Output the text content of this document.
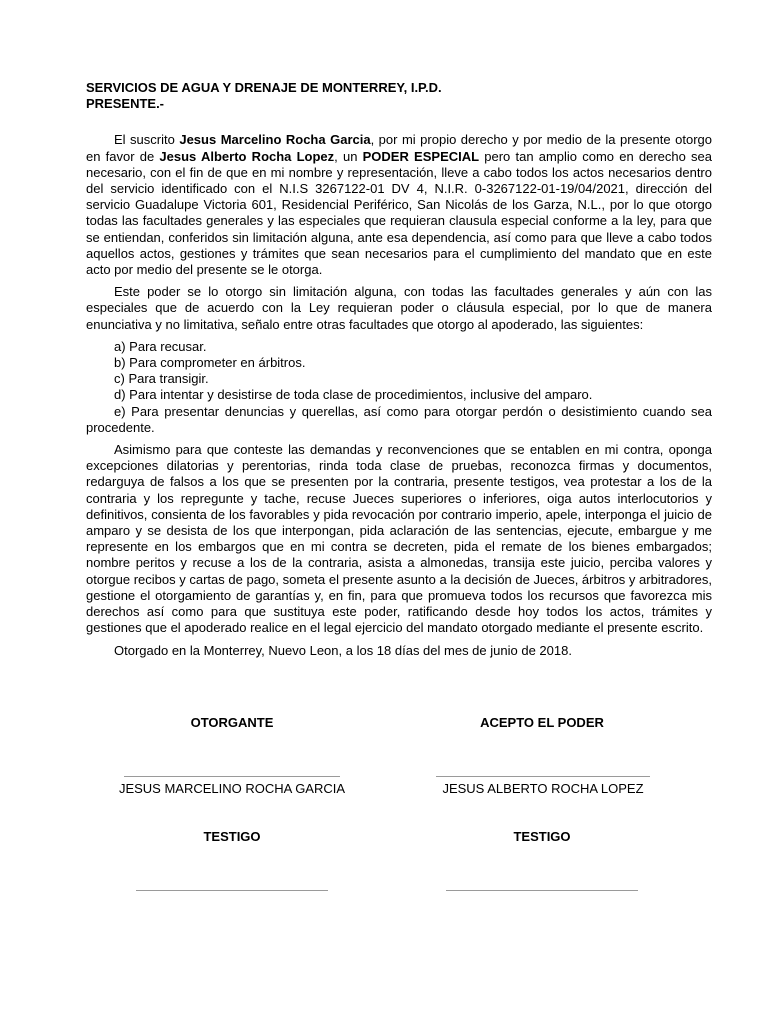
SERVICIOS DE AGUA Y DRENAJE DE MONTERREY, I.P.D.

PRESENTE.-

El suscrito Jesus Marcelino Rocha Garcia, por mi propio derecho y por medio de la presente otorgo en favor de Jesus Alberto Rocha Lopez, un PODER ESPECIAL pero tan amplio como en derecho sea necesario, con el fin de que en mi nombre y representación, lleve a cabo todos los actos necesarios dentro del servicio identificado con el N.I.S 3267122-01 DV 4, N.I.R. 0-3267122-01-19/04/2021, dirección del servicio Guadalupe Victoria 601, Residencial Periférico, San Nicolás de los Garza, N.L., por lo que otorgo todas las facultades generales y las especiales que requieran clausula especial conforme a la ley, para que se entiendan, conferidos sin limitación alguna, ante esa dependencia, así como para que lleve a cabo todos aquellos actos, gestiones y trámites que sean necesarios para el cumplimiento del mandato que en este acto por medio del presente se le otorga.

Este poder se lo otorgo sin limitación alguna, con todas las facultades generales y aún con las especiales que de acuerdo con la Ley requieran poder o cláusula especial, por lo que de manera enunciativa y no limitativa, señalo entre otras facultades que otorgo al apoderado, las siguientes:

a) Para recusar.

b) Para comprometer en árbitros.

c) Para transigir.

d) Para intentar y desistirse de toda clase de procedimientos, inclusive del amparo.

e) Para presentar denuncias y querellas, así como para otorgar perdón o desistimiento cuando sea procedente.

Asimismo para que conteste las demandas y reconvenciones que se entablen en mi contra, oponga excepciones dilatorias y perentorias, rinda toda clase de pruebas, reconozca firmas y documentos, redarguya de falsos a los que se presenten por la contraria, presente testigos, vea protestar a los de la contraria y los repregunte y tache, recuse Jueces superiores o inferiores, oiga autos interlocutorios y definitivos, consienta de los favorables y pida revocación por contrario imperio, apele, interponga el juicio de amparo y se desista de los que interpongan, pida aclaración de las sentencias, ejecute, embargue y me represente en los embargos que en mi contra se decreten, pida el remate de los bienes embargados; nombre peritos y recuse a los de la contraria, asista a almonedas, transija este juicio, perciba valores y otorgue recibos y cartas de pago, someta el presente asunto a la decisión de Jueces, árbitros y arbitradores, gestione el otorgamiento de garantías y, en fin, para que promueva todos los recursos que favorezca mis derechos así como para que sustituya este poder, ratificando desde hoy todos los actos, trámites y gestiones que el apoderado realice en el legal ejercicio del mandato otorgado mediante el presente escrito.

Otorgado en la Monterrey, Nuevo Leon, a los 18 días del mes de junio de 2018.

OTORGANTE	ACEPTO EL PODER
JESUS MARCELINO ROCHA GARCIA	JESUS ALBERTO ROCHA LOPEZ
TESTIGO	TESTIGO
